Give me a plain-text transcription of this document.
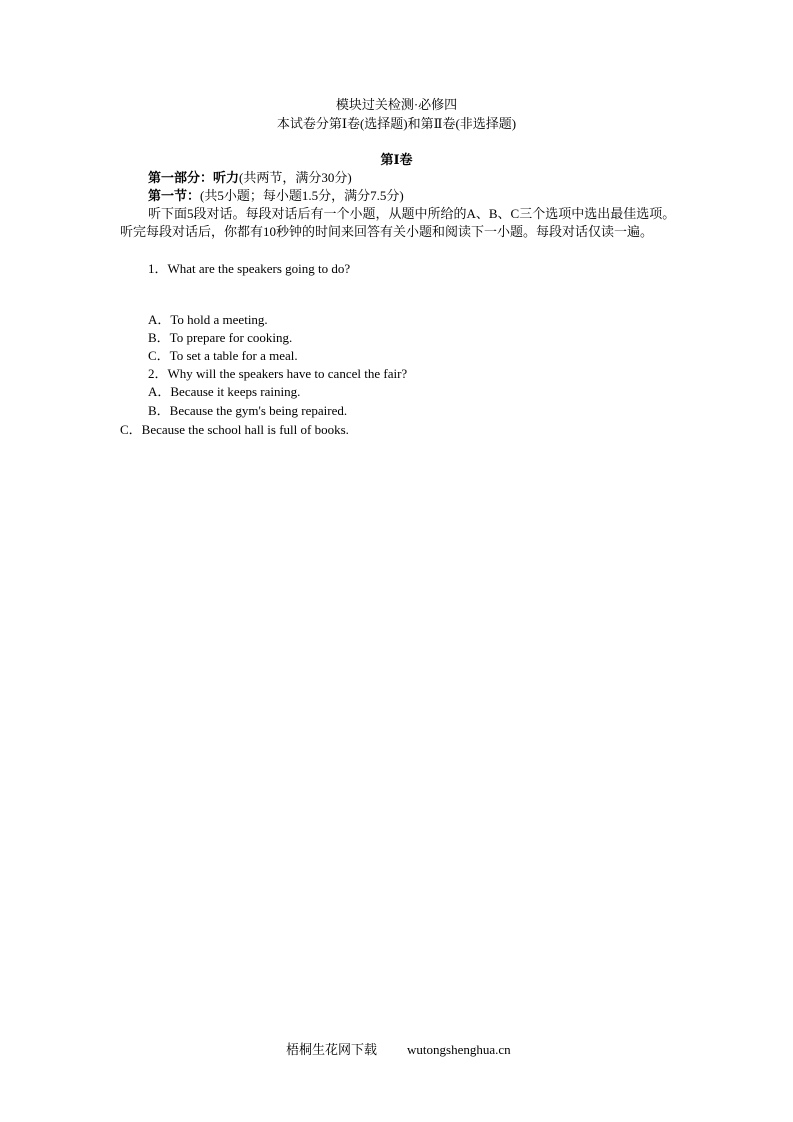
模块过关检测·必修四
本试卷分第Ⅰ卷(选择题)和第Ⅱ卷(非选择题)
第Ⅰ卷
第一部分：听力(共两节，满分30分)
第一节：(共5小题；每小题1.5分，满分7.5分)
听下面5段对话。每段对话后有一个小题，从题中所给的A、B、C三个选项中选出最佳选项。听完每段对话后，你都有10秒钟的时间来回答有关小题和阅读下一小题。每段对话仅读一遍。
1．What are the speakers going to do?
A．To hold a meeting.
B．To prepare for cooking.
C．To set a table for a meal.
2．Why will the speakers have to cancel the fair?
A．Because it keeps raining.
B．Because the gym's being repaired.
C．Because the school hall is full of books.
梧桐生花网下载 wutongshenghua.cn
